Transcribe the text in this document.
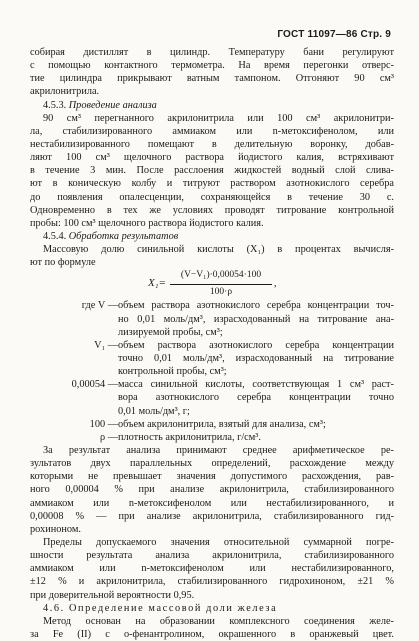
ГОСТ 11097—86 Стр. 9
собирая дистиллят в цилиндр. Температуру бани регулируют
с помощью контактного термометра. На время перегонки отверс-
тие цилиндра прикрывают ватным тампоном. Отгоняют 90 см³
акрилонитрила.
4.5.3. Проведение анализа
90 см³ перегнанного акрилонитрила или 100 см³ акрилонитри-
ла, стабилизированного аммиаком или n-метоксифенолом, или
нестабилизированного помещают в делительную воронку, добав-
ляют 100 см³ щелочного раствора йодистого калия, встряхивают
в течение 3 мин. После расслоения жидкостей водный слой слива-
ют в коническую колбу и титруют раствором азотнокислого серебра
до появления опалесценции, сохраняющейся в течение 30 с.
Одновременно в тех же условиях проводят титрование контрольной
пробы: 100 см³ щелочного раствора йодистого калия.
4.5.4. Обработка результатов
Массовую долю синильной кислоты (X₁) в процентах вычисля-
ют по формуле
$X_1= \frac{\text{(V−V₁)·0,00054·100}}{100\cdot\rho}$ ,
где V — объем раствора азотнокислого серебра концентрации точ-
но 0,01 моль/дм³, израсходованный на титрование ана-
лизируемой пробы, см³;
V₁ — объем раствора азотнокислого серебра концентрации
точно 0,01 моль/дм³, израсходованный на титрование
контрольной пробы, см³;
0,00054 — масса синильной кислоты, соответствующая 1 см³ раст-
вора азотнокислого серебра концентрации точно
0,01 моль/дм³, г;
100 — объем акрилонитрила, взятый для анализа, см³;
ρ — плотность акрилонитрила, г/см³.
За результат анализа принимают среднее арифметическое ре-
зультатов двух параллельных определений, расхождение между
которыми не превышает значения допустимого расхождения, рав-
ного 0,00004 % при анализе акрилонитрила, стабилизированного
аммиаком или n-метоксифенолом или нестабилизированного, и
0,00008 % — при анализе акрилонитрила, стабилизированного гид-
рохиноном.
Пределы допускаемого значения относительной суммарной погре-
шности результата анализа акрилонитрила, стабилизированного
аммиаком или n-метоксифенолом или нестабилизированного,
±12 % и акрилонитрила, стабилизированного гидрохиноном, ±21 %
при доверительной вероятности 0,95.
4.6. Определение массовой доли железа
Метод основан на образовании комплексного соединения желе-
за Fe (II) с о-фенантролином, окрашенного в оранжевый цвет.
